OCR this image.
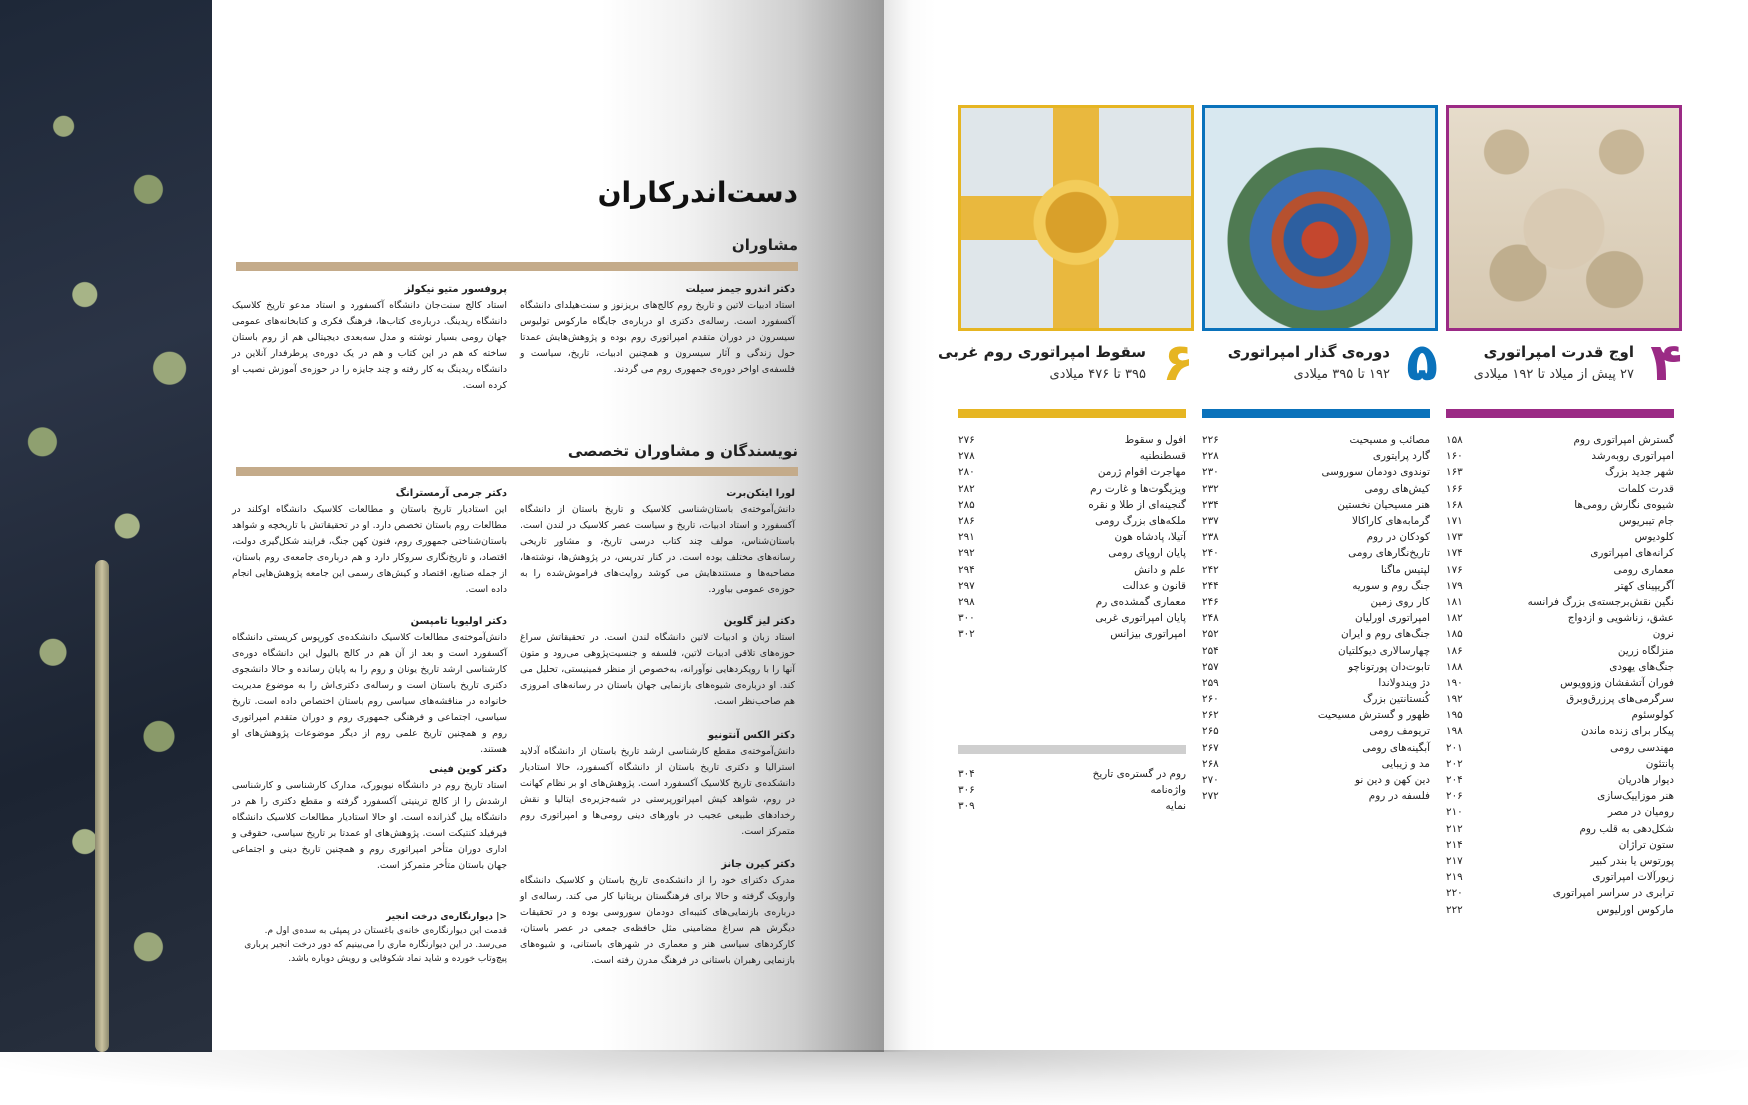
دست‌اندرکاران
مشاوران
دکتر اندرو جیمز سیلت
استاد ادبیات لاتین و تاریخ روم کالج‌های بریزنوز و سنت‌هیلدای دانشگاه آکسفورد است. رساله‌ی دکتری او درباره‌ی جایگاه مارکوس تولیوس سیسرون در دوران متقدم امپراتوری روم بوده و پژوهش‌هایش عمدتا حول زندگی و آثار سیسرون و همچنین ادبیات، تاریخ، سیاست و فلسفه‌ی اواخر دوره‌ی جمهوری روم می گردند.
پروفسور متیو نیکولز
استاد کالج سنت‌جان دانشگاه آکسفورد و استاد مدعو تاریخ کلاسیک دانشگاه ریدینگ. درباره‌ی کتاب‌ها، فرهنگ فکری و کتابخانه‌های عمومی جهان رومی بسیار نوشته و مدل سه‌بعدی دیجیتالی هم از روم باستان ساخته که هم در این کتاب و هم در یک دوره‌ی پرطرفدار آنلاین در دانشگاه ریدینگ به کار رفته و چند جایزه را در حوزه‌ی آموزش نصیب او کرده است.
نویسندگان و مشاوران تخصصی
لورا ایتکن‌برت
دانش‌آموخته‌ی باستان‌شناسی کلاسیک و تاریخ باستان از دانشگاه آکسفورد و استاد ادبیات، تاریخ و سیاست عصر کلاسیک در لندن است. باستان‌شناس، مولف چند کتاب درسی تاریخ، و مشاور تاریخی رسانه‌های مختلف بوده است. در کنار تدریس، در پژوهش‌ها، نوشته‌ها، مصاحبه‌ها و مستندهایش می کوشد روایت‌های فراموش‌شده را به حوزه‌ی عمومی بیاورد.
دکتر لیز گلوین
استاد زبان و ادبیات لاتین دانشگاه لندن است. در تحقیقاتش سراغ حوزه‌های تلاقی ادبیات لاتین، فلسفه و جنسیت‌پژوهی می‌رود و متون آنها را با رویکردهایی نوآورانه، به‌خصوص از منظر فمینیستی، تحلیل می کند. او درباره‌ی شیوه‌های بازنمایی جهان باستان در رسانه‌های امروزی هم صاحب‌نظر است.
دکتر الکس آنتونیو
دانش‌آموخته‌ی مقطع کارشناسی ارشد تاریخ باستان از دانشگاه آدلاید استرالیا و دکتری تاریخ باستان از دانشگاه آکسفورد، حالا استادیار دانشکده‌ی تاریخ کلاسیک آکسفورد است. پژوهش‌های او بر نظام کهانت در روم، شواهد کیش امپراتورپرستی در شبه‌جزیره‌ی ایتالیا و نقش رخدادهای طبیعی عجیب در باورهای دینی رومی‌ها و امپراتوری روم متمرکز است.
دکتر کیرن جانز
مدرک دکترای خود را از دانشکده‌ی تاریخ باستان و کلاسیک دانشگاه وارویک گرفته و حالا برای فرهنگستان بریتانیا کار می کند. رساله‌ی او درباره‌ی بازنمایی‌های کتیبه‌ای دودمان سوروسی بوده و در تحقیقات دیگرش هم سراغ مضامینی مثل حافظه‌ی جمعی در عصر باستان، کارکردهای سیاسی هنر و معماری در شهرهای باستانی، و شیوه‌های بازنمایی رهبران باستانی در فرهنگ مدرن رفته است.
دکتر جرمی آرمسترانگ
این استادیار تاریخ باستان و مطالعات کلاسیک دانشگاه اوکلند در مطالعات روم باستان تخصص دارد. او در تحقیقاتش با تاریخچه و شواهد باستان‌شناختی جمهوری روم، فنون کهن جنگ، فرایند شکل‌گیری دولت، اقتصاد، و تاریخ‌نگاری سروکار دارد و هم درباره‌ی جامعه‌ی روم باستان، از جمله صنایع، اقتصاد و کیش‌های رسمی این جامعه پژوهش‌هایی انجام داده است.
دکتر اولیویا تامپسن
دانش‌آموخته‌ی مطالعات کلاسیک دانشکده‌ی کورپوس کریستی دانشگاه آکسفورد است و بعد از آن هم در کالج بالیول این دانشگاه دوره‌ی کارشناسی ارشد تاریخ یونان و روم را به پایان رسانده و حالا دانشجوی دکتری تاریخ باستان است و رساله‌ی دکتری‌اش را به موضوع مدیریت خانواده در مناقشه‌های سیاسی روم باستان اختصاص داده است. تاریخ سیاسی، اجتماعی و فرهنگی جمهوری روم و دوران متقدم امپراتوری روم و همچنین تاریخ علمی روم از دیگر موضوعات پژوهش‌های او هستند.
دکتر کوین فینی
استاد تاریخ روم در دانشگاه نیویورک، مدارک کارشناسی و کارشناسی ارشدش را از کالج ترینیتی آکسفورد گرفته و مقطع دکتری را هم در دانشگاه ییل گذرانده است. او حالا استادیار مطالعات کلاسیک دانشگاه فیرفیلد کنتیکت است. پژوهش‌های او عمدتا بر تاریخ سیاسی، حقوقی و اداری دوران متأخر امپراتوری روم و همچنین تاریخ دینی و اجتماعی جهان باستان متأخر متمرکز است.
<| دیوارنگاره‌ی درخت انجیر
قدمت این دیوارنگاره‌ی خانه‌ی باغستان در پمپئی به سده‌ی اول م. می‌رسد. در این دیوارنگاره ماری را می‌بینیم که دور درخت انجیر پرباری پیچ‌وتاب خورده و شاید نماد شکوفایی و رویش دوباره باشد.
۴
اوج قدرت امپراتوری
۲۷ پیش از میلاد تا ۱۹۲ میلادی
۱۵۸	گسترش امپراتوری روم
۱۶۰	امپراتوری روبه‌رشد
۱۶۳	شهر جدید بزرگ
۱۶۶	قدرت کلمات
۱۶۸	شیوه‌ی نگارش رومی‌ها
۱۷۱	جام تیبریوس
۱۷۳	کلودیوس
۱۷۴	کرانه‌های امپراتوری
۱۷۶	معماری رومی
۱۷۹	آگریپینای کهتر
۱۸۱	نگین نقش‌برجسته‌ی بزرگ فرانسه
۱۸۲	عشق، زناشویی و ازدواج
۱۸۵	نرون
۱۸۶	منزلگاه زرین
۱۸۸	جنگ‌های یهودی
۱۹۰	فوران آتشفشان وزوویوس
۱۹۲	سرگرمی‌های پرزرق‌وبرق
۱۹۵	کولوسئوم
۱۹۸	پیکار برای زنده ماندن
۲۰۱	مهندسی رومی
۲۰۲	پانتئون
۲۰۴	دیوار هادریان
۲۰۶	هنر موزاییک‌سازی
۲۱۰	رومیان در مصر
۲۱۲	شکل‌دهی به قلب روم
۲۱۴	ستون تراژان
۲۱۷	پورتوس یا بندر کبیر
۲۱۹	زیورآلات امپراتوری
۲۲۰	ترابری در سراسر امپراتوری
۲۲۲	مارکوس اورلیوس
۵
دوره‌ی گذار امپراتوری
۱۹۲ تا ۳۹۵ میلادی
۲۲۶	مصائب و مسیحیت
۲۲۸	گارد پرایتوری
۲۳۰	توندوی دودمان سوروسی
۲۳۲	کیش‌های رومی
۲۳۴	هنر مسیحیان نخستین
۲۳۷	گرمابه‌های کاراکالا
۲۳۸	کودکان در روم
۲۴۰	تاریخ‌نگارهای رومی
۲۴۲	لپتیس ماگنا
۲۴۴	جنگ روم و سوریه
۲۴۶	کار روی زمین
۲۴۸	امپراتوری اورلیان
۲۵۲	جنگ‌های روم و ایران
۲۵۴	چهارسالاری دیوکلتیان
۲۵۷	تابوت‌دان پورتوناچو
۲۵۹	دژ ویندولاندا
۲۶۰	کُنستانتین بزرگ
۲۶۲	ظهور و گسترش مسیحیت
۲۶۵	تریومف رومی
۲۶۷	آبگینه‌های رومی
۲۶۸	مد و زیبایی
۲۷۰	دین کهن و دین نو
۲۷۲	فلسفه در روم
۶
سقوط امپراتوری روم غربی
۳۹۵ تا ۴۷۶ میلادی
۲۷۶	افول و سقوط
۲۷۸	قسطنطنیه
۲۸۰	مهاجرت اقوام ژرمن
۲۸۲	ویزیگوت‌ها و غارت رم
۲۸۵	گنجینه‌ای از طلا و نقره
۲۸۶	ملکه‌های بزرگ رومی
۲۹۱	آتیلا، پادشاه هون
۲۹۲	پایان اروپای رومی
۲۹۴	علم و دانش
۲۹۷	قانون و عدالت
۲۹۸	معماری گمشده‌ی رم
۳۰۰	پایان امپراتوری غربی
۳۰۲	امپراتوری بیزانس
۳۰۴	روم در گستره‌ی تاریخ
۳۰۶	واژه‌نامه
۳۰۹	نمایه
